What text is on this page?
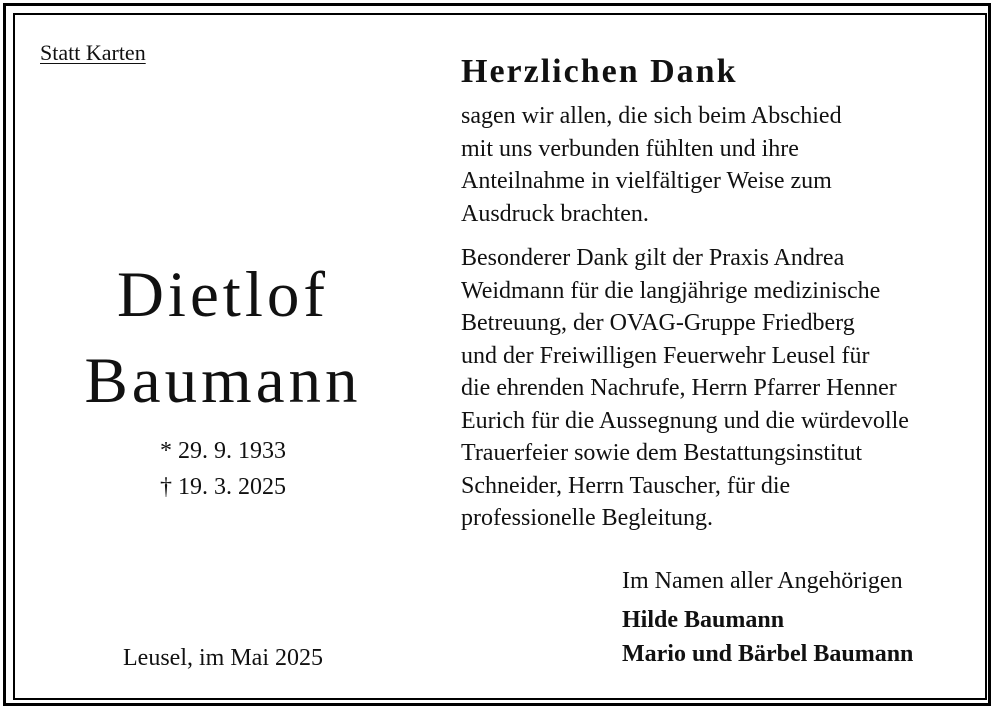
Statt Karten
Dietlof
Baumann
* 29. 9. 1933
† 19. 3. 2025
Leusel, im Mai 2025
Herzlichen Dank
sagen wir allen, die sich beim Abschied
mit uns verbunden fühlten und ihre
Anteilnahme in vielfältiger Weise zum
Ausdruck brachten.
Besonderer Dank gilt der Praxis Andrea
Weidmann für die langjährige medizinische
Betreuung, der OVAG-Gruppe Friedberg
und der Freiwilligen Feuerwehr Leusel für
die ehrenden Nachrufe, Herrn Pfarrer Henner
Eurich für die Aussegnung und die würdevolle
Trauerfeier sowie dem Bestattungsinstitut
Schneider, Herrn Tauscher, für die
professionelle Begleitung.
Im Namen aller Angehörigen
Hilde Baumann
Mario und Bärbel Baumann
